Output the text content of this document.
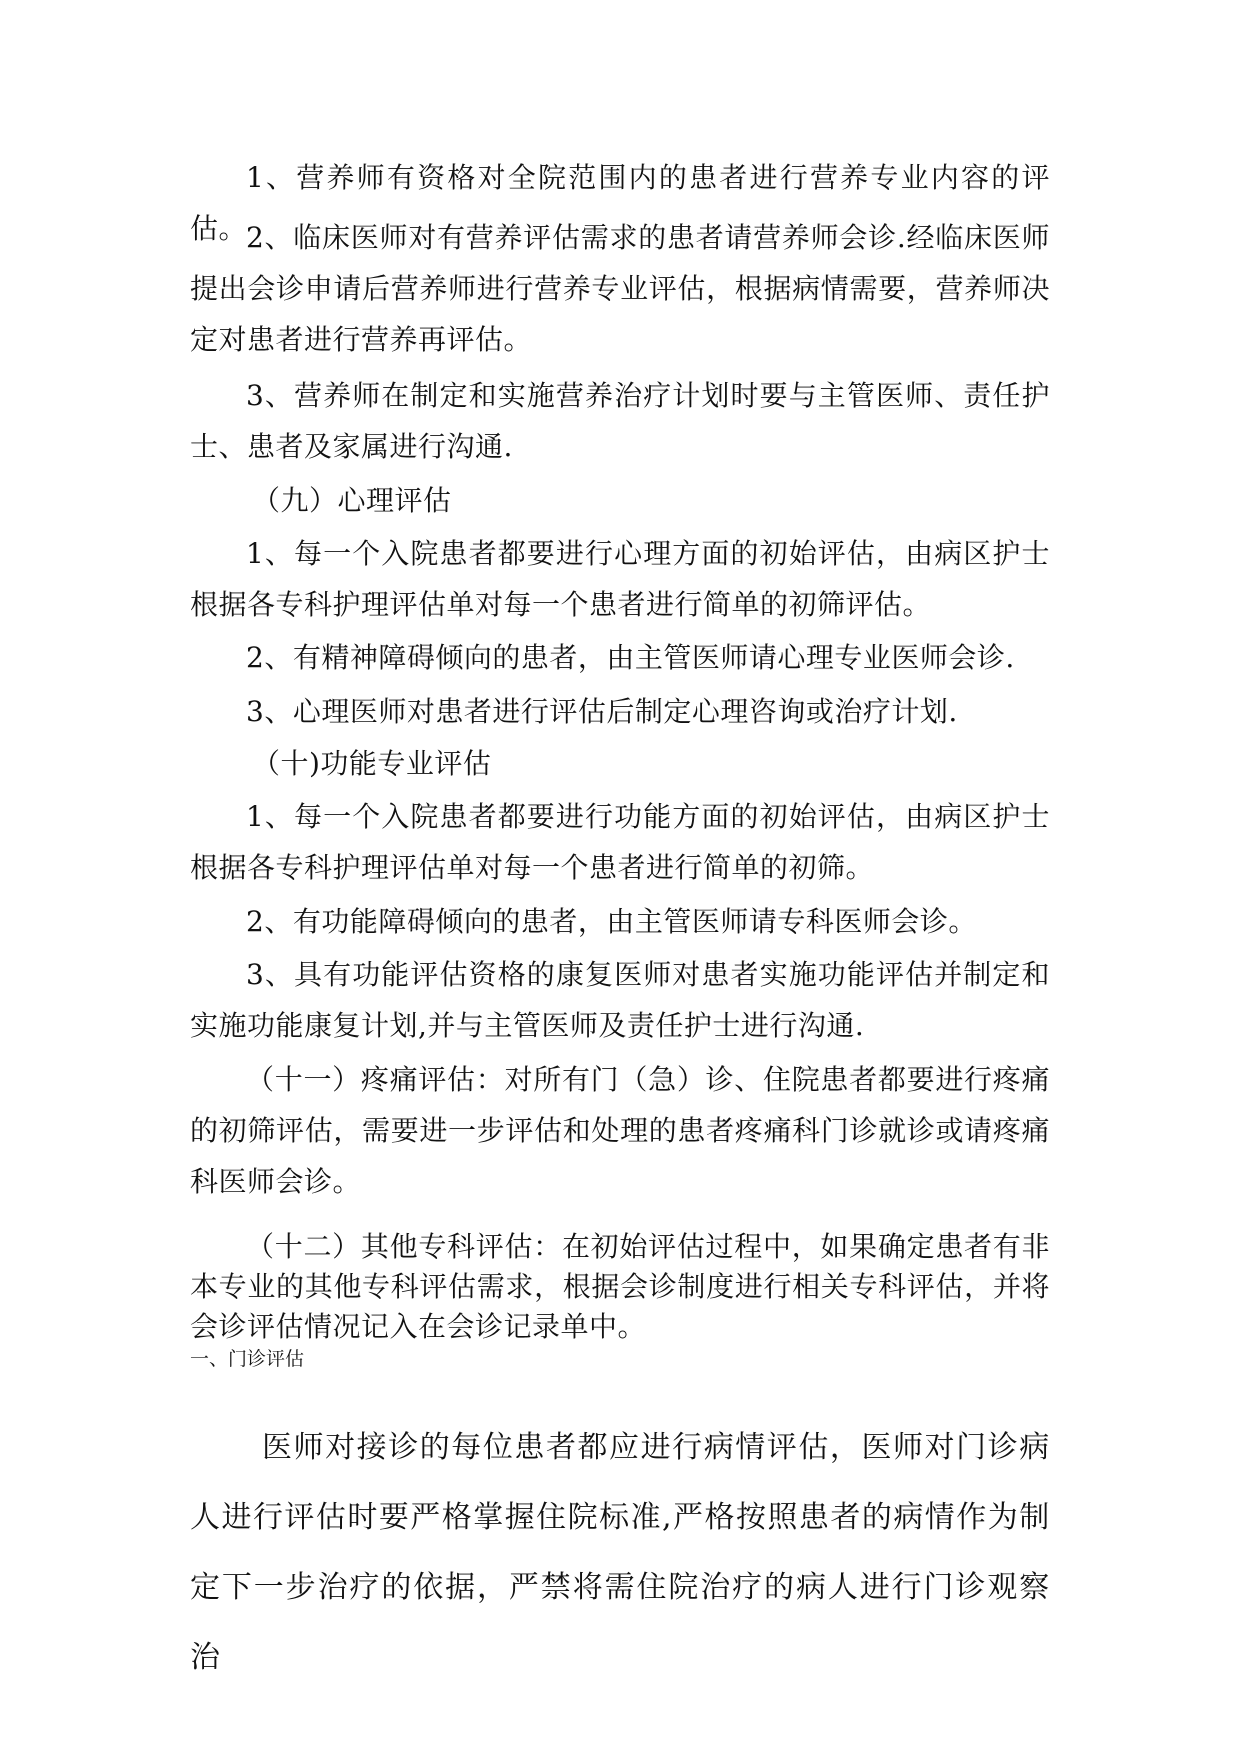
1、营养师有资格对全院范围内的患者进行营养专业内容的评估。

2、临床医师对有营养评估需求的患者请营养师会诊.经临床医师提出会诊申请后营养师进行营养专业评估，根据病情需要，营养师决定对患者进行营养再评估。

3、营养师在制定和实施营养治疗计划时要与主管医师、责任护士、患者及家属进行沟通.

（九）心理评估

1、每一个入院患者都要进行心理方面的初始评估，由病区护士根据各专科护理评估单对每一个患者进行简单的初筛评估。

2、有精神障碍倾向的患者，由主管医师请心理专业医师会诊.

3、心理医师对患者进行评估后制定心理咨询或治疗计划.

（十)功能专业评估

1、每一个入院患者都要进行功能方面的初始评估，由病区护士根据各专科护理评估单对每一个患者进行简单的初筛。

2、有功能障碍倾向的患者，由主管医师请专科医师会诊。

3、具有功能评估资格的康复医师对患者实施功能评估并制定和实施功能康复计划,并与主管医师及责任护士进行沟通.

（十一）疼痛评估：对所有门（急）诊、住院患者都要进行疼痛的初筛评估，需要进一步评估和处理的患者疼痛科门诊就诊或请疼痛科医师会诊。

（十二）其他专科评估：在初始评估过程中，如果确定患者有非本专业的其他专科评估需求，根据会诊制度进行相关专科评估，并将会诊评估情况记入在会诊记录单中。

一、门诊评估

医师对接诊的每位患者都应进行病情评估，医师对门诊病人进行评估时要严格掌握住院标准,严格按照患者的病情作为制定下一步治疗的依据，严禁将需住院治疗的病人进行门诊观察治
